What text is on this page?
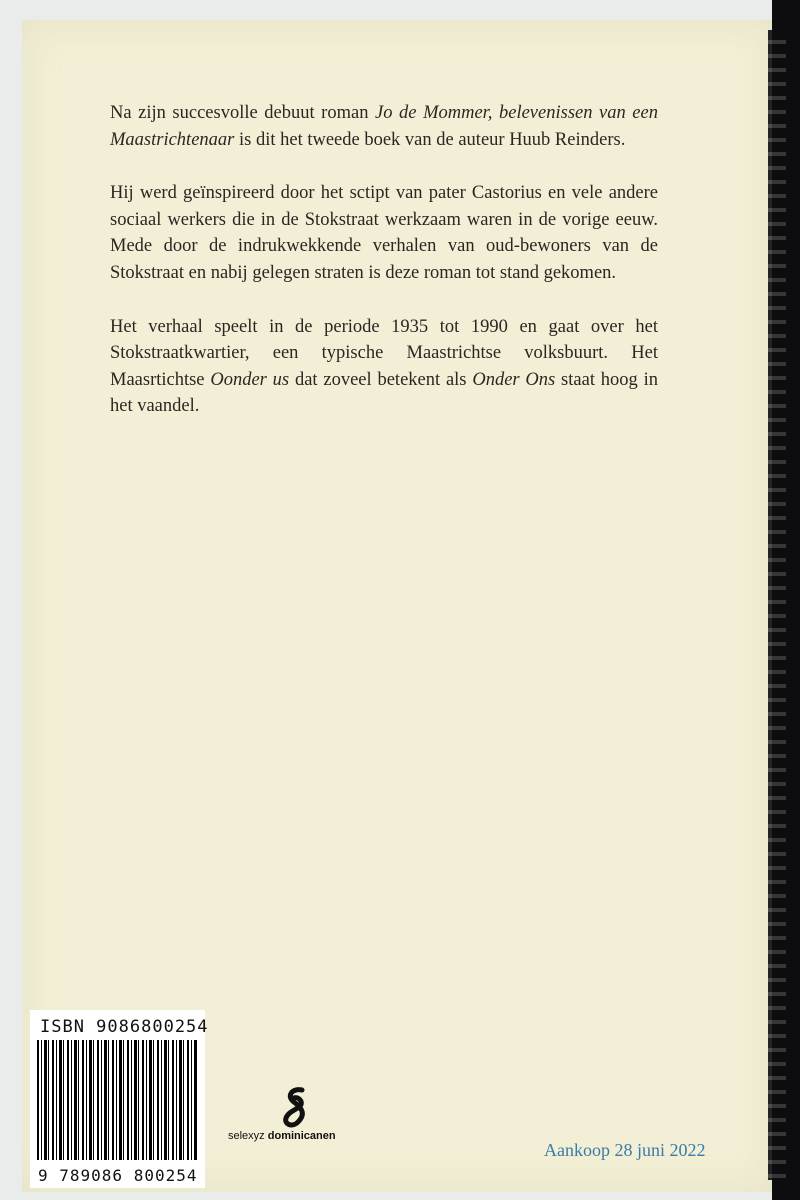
Na zijn succesvolle debuut roman Jo de Mommer, belevenissen van een Maastrichtenaar is dit het tweede boek van de auteur Huub Reinders.

Hij werd geïnspireerd door het sctipt van pater Castorius en vele andere sociaal werkers die in de Stokstraat werkzaam waren in de vorige eeuw. Mede door de indrukwekkende verhalen van oud-bewoners van de Stokstraat en nabij gelegen straten is deze roman tot stand gekomen.

Het verhaal speelt in de periode 1935 tot 1990 en gaat over het Stokstraatkwartier, een typische Maastrichtse volksbuurt. Het Maasrtichtse Oonder us dat zoveel betekent als Onder Ons staat hoog in het vaandel.

ISBN 9086800254
9 789086 800254
selexyz dominicanen
Aankoop 28 juni 2022
